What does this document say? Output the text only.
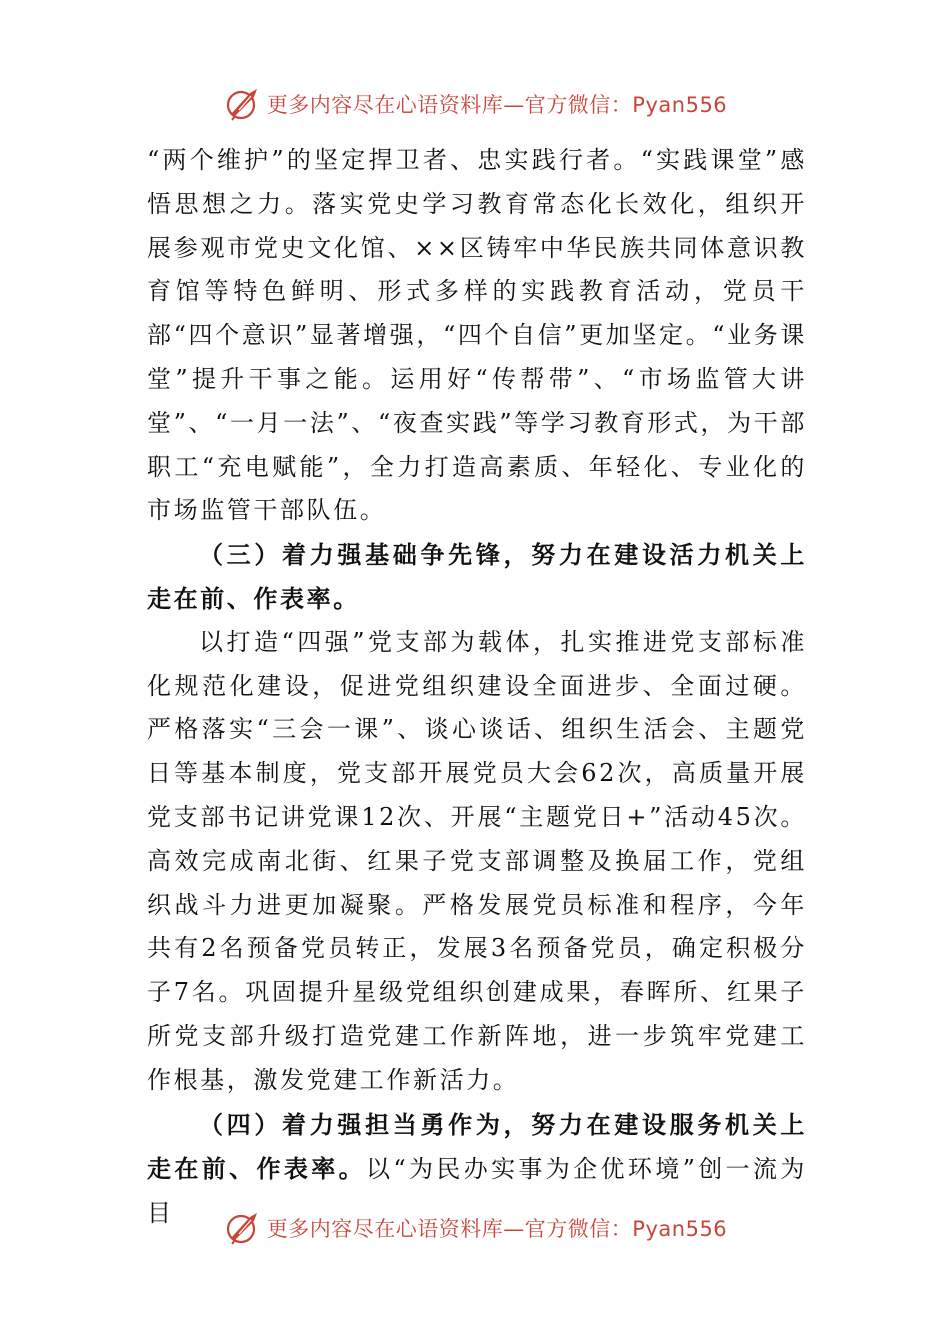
更多内容尽在心语资料库—官方微信：Pyan556

“两个维护”的坚定捍卫者、忠实践行者。“实践课堂”感悟思想之力。落实党史学习教育常态化长效化，组织开展参观市党史文化馆、××区铸牢中华民族共同体意识教育馆等特色鲜明、形式多样的实践教育活动，党员干部“四个意识”显著增强，“四个自信”更加坚定。“业务课堂”提升干事之能。运用好“传帮带”、“市场监管大讲堂”、“一月一法”、“夜查实践”等学习教育形式，为干部职工“充电赋能”，全力打造高素质、年轻化、专业化的市场监管干部队伍。

（三）着力强基础争先锋，努力在建设活力机关上走在前、作表率。

以打造“四强”党支部为载体，扎实推进党支部标准化规范化建设，促进党组织建设全面进步、全面过硬。严格落实“三会一课”、谈心谈话、组织生活会、主题党日等基本制度，党支部开展党员大会62次，高质量开展党支部书记讲党课12次、开展“主题党日+”活动45次。高效完成南北街、红果子党支部调整及换届工作，党组织战斗力进更加凝聚。严格发展党员标准和程序，今年共有2名预备党员转正，发展3名预备党员，确定积极分子7名。巩固提升星级党组织创建成果，春晖所、红果子所党支部升级打造党建工作新阵地，进一步筑牢党建工作根基，激发党建工作新活力。

（四）着力强担当勇作为，努力在建设服务机关上走在前、作表率。以“为民办实事为企优环境”创一流为目

更多内容尽在心语资料库—官方微信：Pyan556
